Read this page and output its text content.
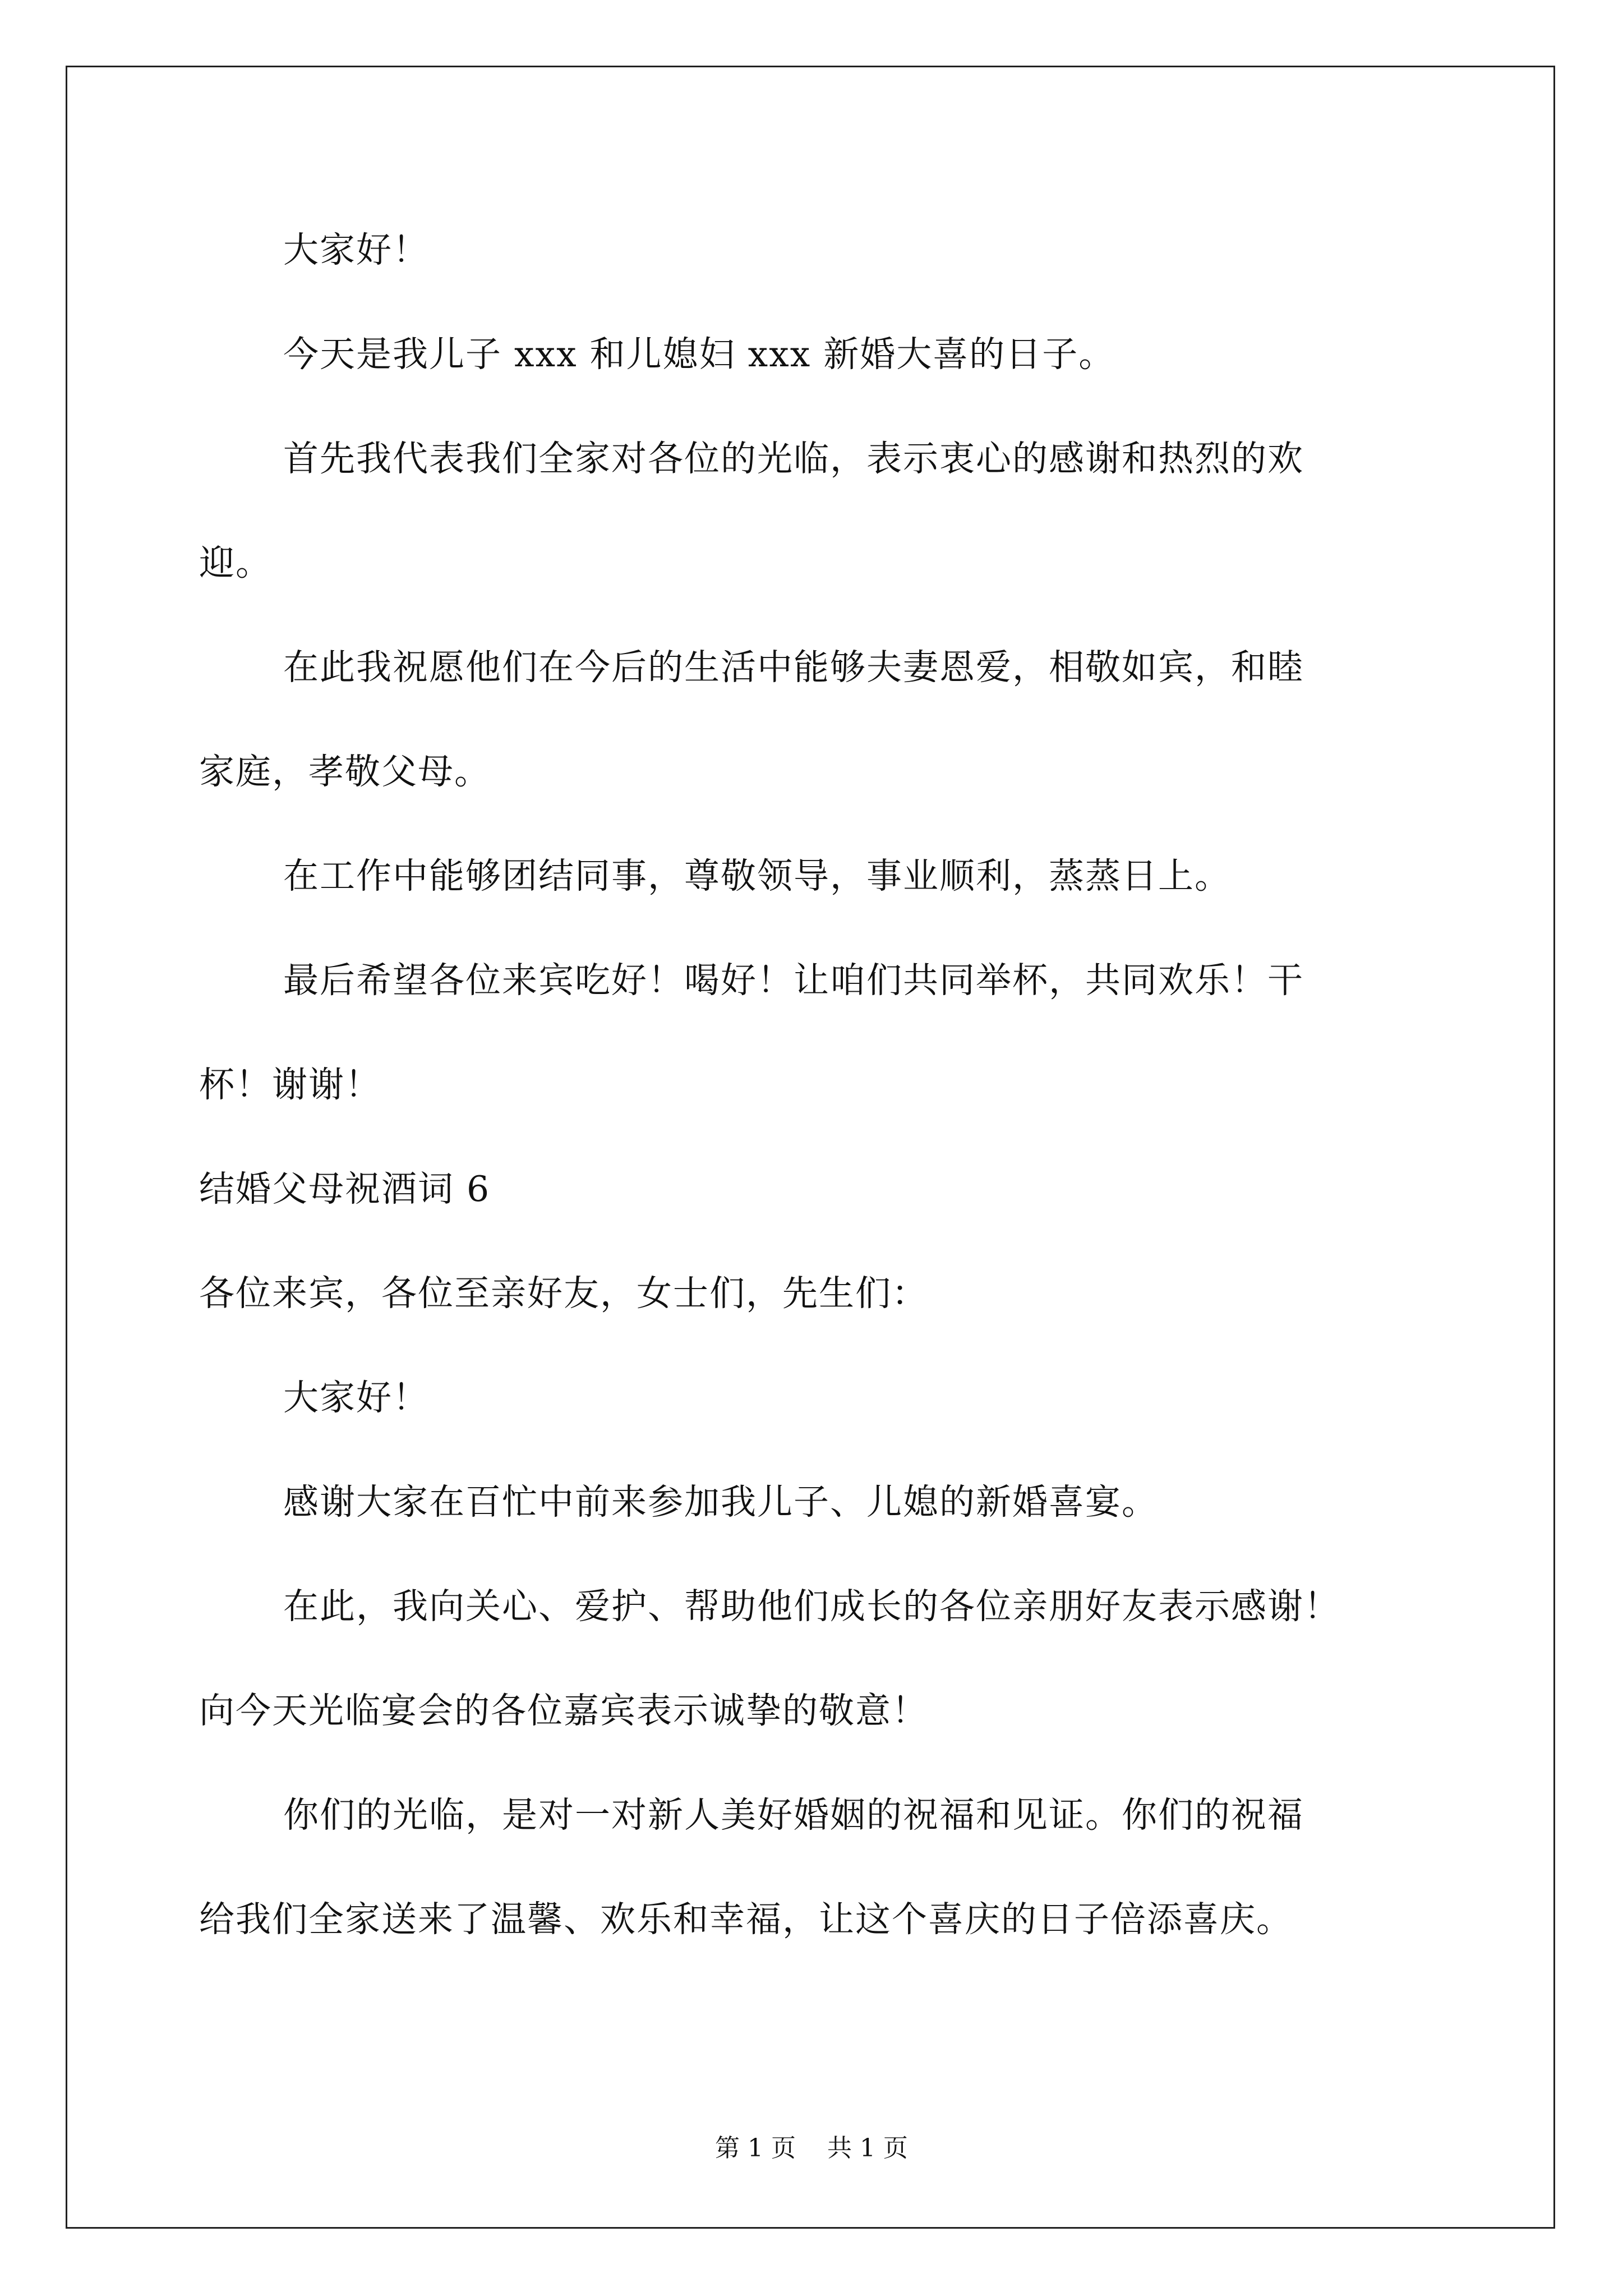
大家好！
今天是我儿子 xxx 和儿媳妇 xxx 新婚大喜的日子。
首先我代表我们全家对各位的光临，表示衷心的感谢和热烈的欢
迎。
在此我祝愿他们在今后的生活中能够夫妻恩爱，相敬如宾，和睦
家庭，孝敬父母。
在工作中能够团结同事，尊敬领导，事业顺利，蒸蒸日上。
最后希望各位来宾吃好！喝好！让咱们共同举杯，共同欢乐！干
杯！谢谢！
结婚父母祝酒词 6
各位来宾，各位至亲好友，女士们，先生们：
大家好！
感谢大家在百忙中前来参加我儿子、儿媳的新婚喜宴。
在此，我向关心、爱护、帮助他们成长的各位亲朋好友表示感谢！
向今天光临宴会的各位嘉宾表示诚挚的敬意！
你们的光临，是对一对新人美好婚姻的祝福和见证。你们的祝福
给我们全家送来了温馨、欢乐和幸福，让这个喜庆的日子倍添喜庆。
第 1 页    共 1 页
